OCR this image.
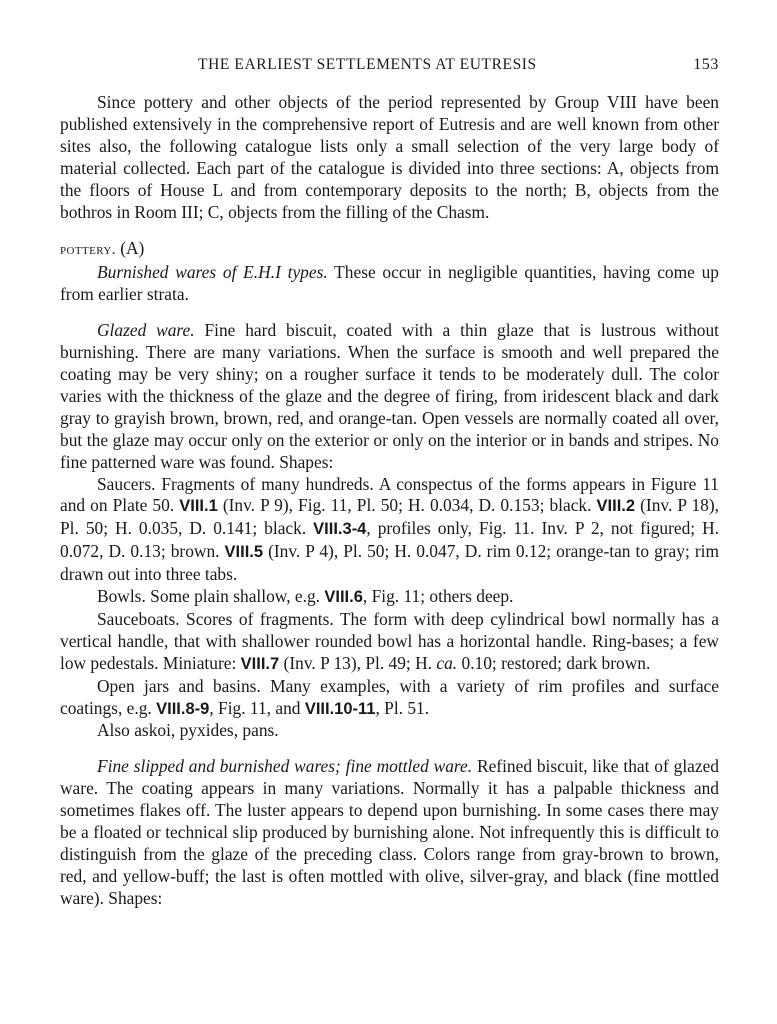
THE EARLIEST SETTLEMENTS AT EUTRESIS	153

Since pottery and other objects of the period represented by Group VIII have been published extensively in the comprehensive report of Eutresis and are well known from other sites also, the following catalogue lists only a small selection of the very large body of material collected. Each part of the catalogue is divided into three sections: A, objects from the floors of House L and from contemporary deposits to the north; B, objects from the bothros in Room III; C, objects from the filling of the Chasm.

pottery. (A)

Burnished wares of E.H.I types. These occur in negligible quantities, having come up from earlier strata.

Glazed ware. Fine hard biscuit, coated with a thin glaze that is lustrous without burnishing. There are many variations. When the surface is smooth and well prepared the coating may be very shiny; on a rougher surface it tends to be moderately dull. The color varies with the thickness of the glaze and the degree of firing, from iridescent black and dark gray to grayish brown, brown, red, and orange-tan. Open vessels are normally coated all over, but the glaze may occur only on the exterior or only on the interior or in bands and stripes. No fine patterned ware was found. Shapes:

Saucers. Fragments of many hundreds. A conspectus of the forms appears in Figure 11 and on Plate 50. VIII.1 (Inv. P 9), Fig. 11, Pl. 50; H. 0.034, D. 0.153; black. VIII.2 (Inv. P 18), Pl. 50; H. 0.035, D. 0.141; black. VIII.3-4, profiles only, Fig. 11. Inv. P 2, not figured; H. 0.072, D. 0.13; brown. VIII.5 (Inv. P 4), Pl. 50; H. 0.047, D. rim 0.12; orange-tan to gray; rim drawn out into three tabs.

Bowls. Some plain shallow, e.g. VIII.6, Fig. 11; others deep.

Sauceboats. Scores of fragments. The form with deep cylindrical bowl normally has a vertical handle, that with shallower rounded bowl has a horizontal handle. Ring-bases; a few low pedestals. Miniature: VIII.7 (Inv. P 13), Pl. 49; H. ca. 0.10; restored; dark brown.

Open jars and basins. Many examples, with a variety of rim profiles and surface coatings, e.g. VIII.8-9, Fig. 11, and VIII.10-11, Pl. 51.

Also askoi, pyxides, pans.

Fine slipped and burnished wares; fine mottled ware. Refined biscuit, like that of glazed ware. The coating appears in many variations. Normally it has a palpable thickness and sometimes flakes off. The luster appears to depend upon burnishing. In some cases there may be a floated or technical slip produced by burnishing alone. Not infrequently this is difficult to distinguish from the glaze of the preceding class. Colors range from gray-brown to brown, red, and yellow-buff; the last is often mottled with olive, silver-gray, and black (fine mottled ware). Shapes:
